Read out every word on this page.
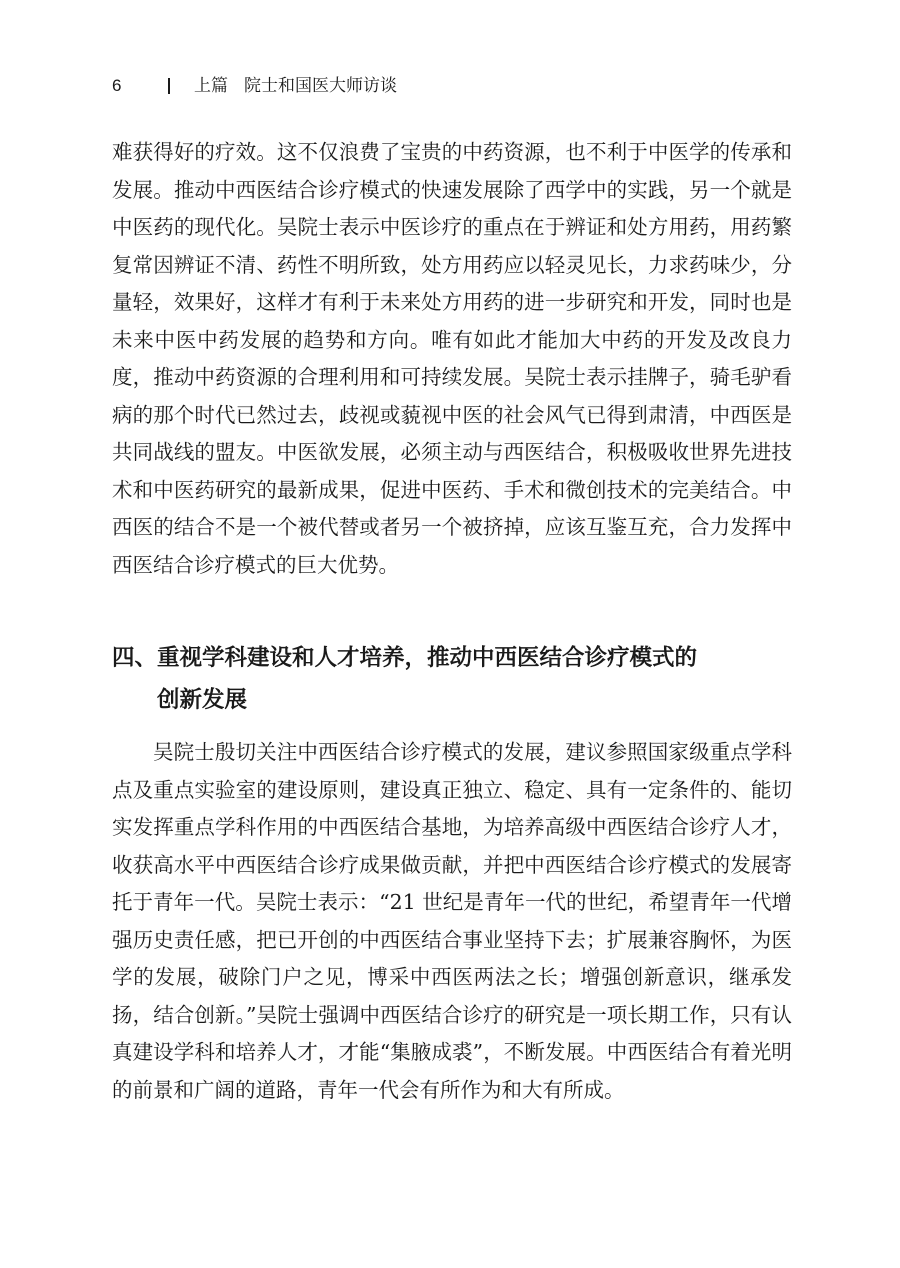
6	上篇 院士和国医大师访谈

难获得好的疗效。这不仅浪费了宝贵的中药资源，也不利于中医学的传承和发展。推动中西医结合诊疗模式的快速发展除了西学中的实践，另一个就是中医药的现代化。吴院士表示中医诊疗的重点在于辨证和处方用药，用药繁复常因辨证不清、药性不明所致，处方用药应以轻灵见长，力求药味少，分量轻，效果好，这样才有利于未来处方用药的进一步研究和开发，同时也是未来中医中药发展的趋势和方向。唯有如此才能加大中药的开发及改良力度，推动中药资源的合理利用和可持续发展。吴院士表示挂牌子，骑毛驴看病的那个时代已然过去，歧视或藐视中医的社会风气已得到肃清，中西医是共同战线的盟友。中医欲发展，必须主动与西医结合，积极吸收世界先进技术和中医药研究的最新成果，促进中医药、手术和微创技术的完美结合。中西医的结合不是一个被代替或者另一个被挤掉，应该互鉴互充，合力发挥中西医结合诊疗模式的巨大优势。

四、重视学科建设和人才培养，推动中西医结合诊疗模式的
创新发展

吴院士殷切关注中西医结合诊疗模式的发展，建议参照国家级重点学科点及重点实验室的建设原则，建设真正独立、稳定、具有一定条件的、能切实发挥重点学科作用的中西医结合基地，为培养高级中西医结合诊疗人才，收获高水平中西医结合诊疗成果做贡献，并把中西医结合诊疗模式的发展寄托于青年一代。吴院士表示：“21 世纪是青年一代的世纪，希望青年一代增强历史责任感，把已开创的中西医结合事业坚持下去；扩展兼容胸怀，为医学的发展，破除门户之见，博采中西医两法之长；增强创新意识，继承发扬，结合创新。”吴院士强调中西医结合诊疗的研究是一项长期工作，只有认真建设学科和培养人才，才能“集腋成裘”，不断发展。中西医结合有着光明的前景和广阔的道路，青年一代会有所作为和大有所成。
